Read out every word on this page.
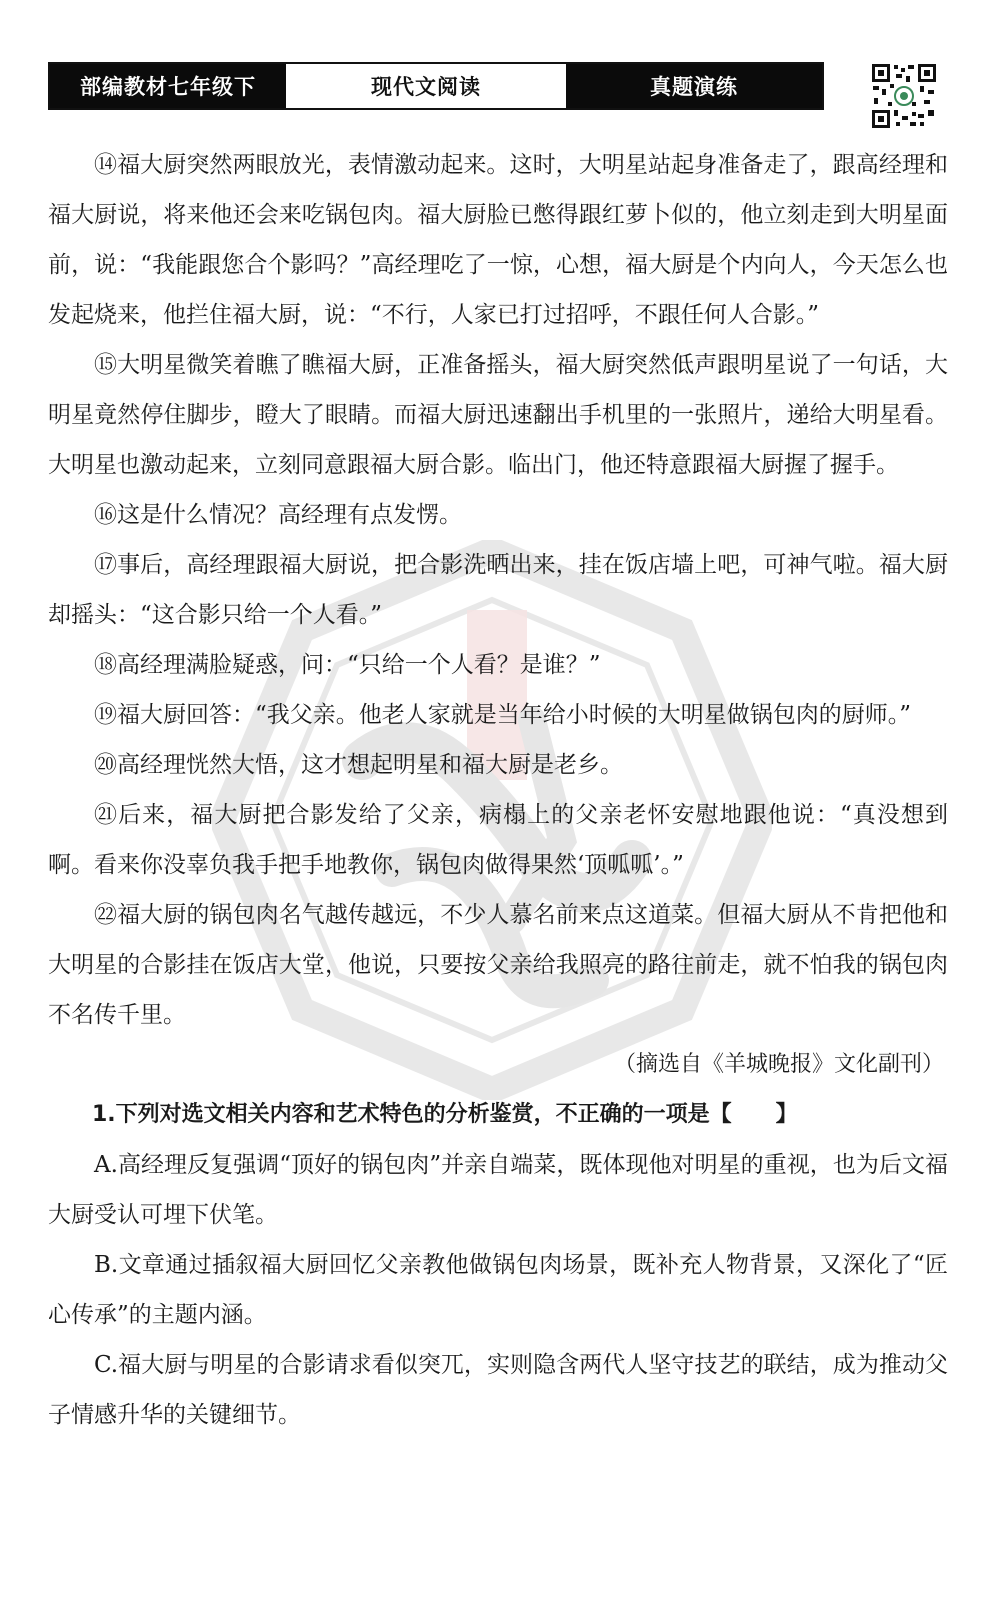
部编教材七年级下	现代文阅读	真题演练

⑭福大厨突然两眼放光，表情激动起来。这时，大明星站起身准备走了，跟高经理和福大厨说，将来他还会来吃锅包肉。福大厨脸已憋得跟红萝卜似的，他立刻走到大明星面前，说：“我能跟您合个影吗？”高经理吃了一惊，心想，福大厨是个内向人，今天怎么也发起烧来，他拦住福大厨，说：“不行，人家已打过招呼，不跟任何人合影。”

⑮大明星微笑着瞧了瞧福大厨，正准备摇头，福大厨突然低声跟明星说了一句话，大明星竟然停住脚步，瞪大了眼睛。而福大厨迅速翻出手机里的一张照片，递给大明星看。大明星也激动起来，立刻同意跟福大厨合影。临出门，他还特意跟福大厨握了握手。

⑯这是什么情况？高经理有点发愣。

⑰事后，高经理跟福大厨说，把合影洗晒出来，挂在饭店墙上吧，可神气啦。福大厨却摇头：“这合影只给一个人看。”

⑱高经理满脸疑惑，问：“只给一个人看？是谁？”

⑲福大厨回答：“我父亲。他老人家就是当年给小时候的大明星做锅包肉的厨师。”

⑳高经理恍然大悟，这才想起明星和福大厨是老乡。

㉑后来，福大厨把合影发给了父亲，病榻上的父亲老怀安慰地跟他说：“真没想到啊。看来你没辜负我手把手地教你，锅包肉做得果然‘顶呱呱’。”

㉒福大厨的锅包肉名气越传越远，不少人慕名前来点这道菜。但福大厨从不肯把他和大明星的合影挂在饭店大堂，他说，只要按父亲给我照亮的路往前走，就不怕我的锅包肉不名传千里。

（摘选自《羊城晚报》文化副刊）

1.下列对选文相关内容和艺术特色的分析鉴赏，不正确的一项是【　　】

A.高经理反复强调“顶好的锅包肉”并亲自端菜，既体现他对明星的重视，也为后文福大厨受认可埋下伏笔。

B.文章通过插叙福大厨回忆父亲教他做锅包肉场景，既补充人物背景，又深化了“匠心传承”的主题内涵。

C.福大厨与明星的合影请求看似突兀，实则隐含两代人坚守技艺的联结，成为推动父子情感升华的关键细节。
